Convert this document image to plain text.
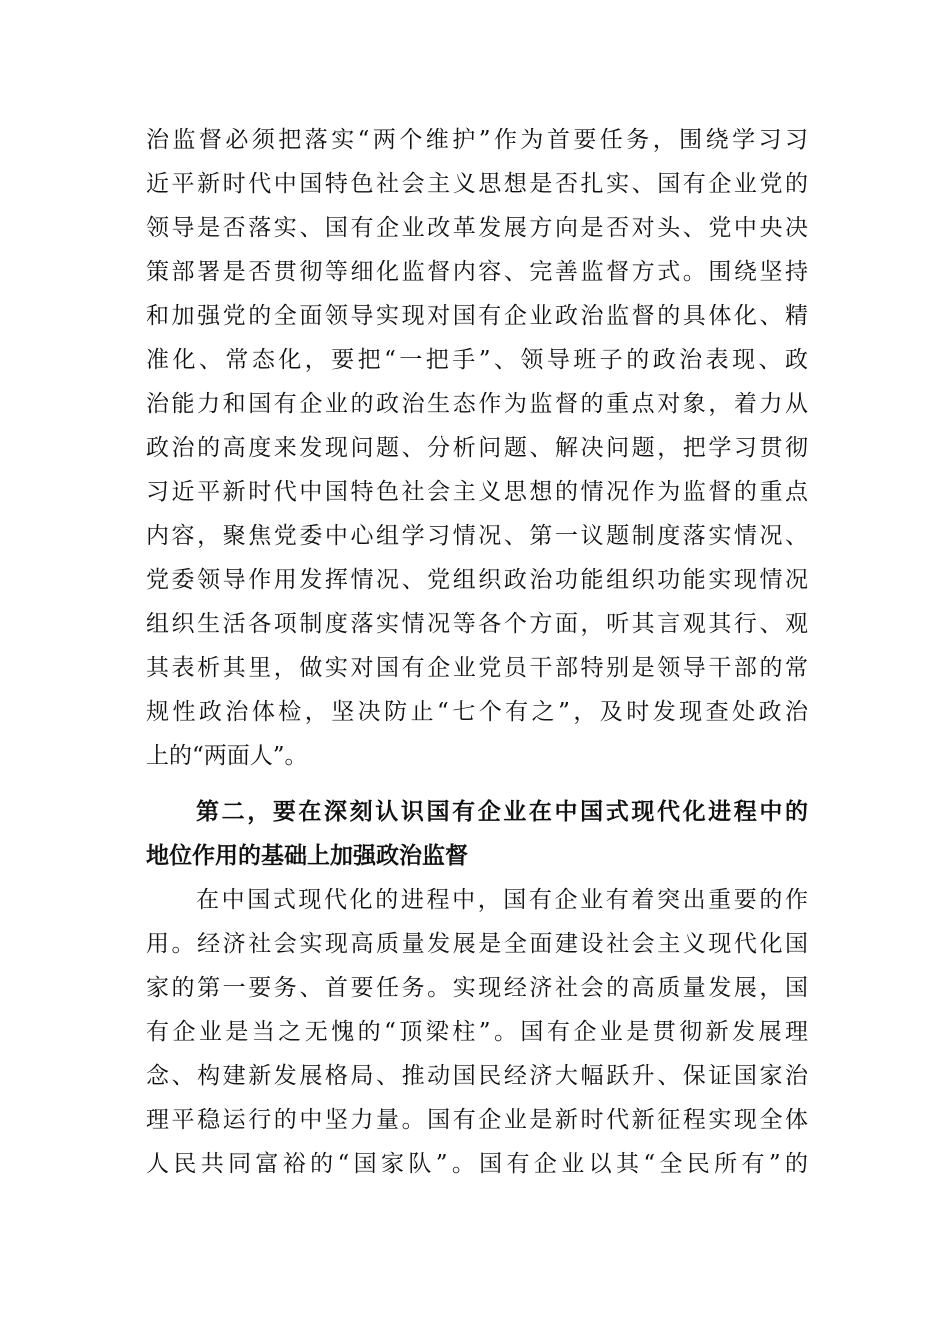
治监督必须把落实“两个维护”作为首要任务，围绕学习习
近平新时代中国特色社会主义思想是否扎实、国有企业党的
领导是否落实、国有企业改革发展方向是否对头、党中央决
策部署是否贯彻等细化监督内容、完善监督方式。围绕坚持
和加强党的全面领导实现对国有企业政治监督的具体化、精
准化、常态化，要把“一把手”、领导班子的政治表现、政
治能力和国有企业的政治生态作为监督的重点对象，着力从
政治的高度来发现问题、分析问题、解决问题，把学习贯彻
习近平新时代中国特色社会主义思想的情况作为监督的重点
内容，聚焦党委中心组学习情况、第一议题制度落实情况、
党委领导作用发挥情况、党组织政治功能组织功能实现情况
组织生活各项制度落实情况等各个方面，听其言观其行、观
其表析其里，做实对国有企业党员干部特别是领导干部的常
规性政治体检，坚决防止“七个有之”，及时发现查处政治
上的“两面人”。
第二，要在深刻认识国有企业在中国式现代化进程中的
地位作用的基础上加强政治监督
在中国式现代化的进程中，国有企业有着突出重要的作
用。经济社会实现高质量发展是全面建设社会主义现代化国
家的第一要务、首要任务。实现经济社会的高质量发展，国
有企业是当之无愧的“顶梁柱”。国有企业是贯彻新发展理
念、构建新发展格局、推动国民经济大幅跃升、保证国家治
理平稳运行的中坚力量。国有企业是新时代新征程实现全体
人民共同富裕的“国家队”。国有企业以其“全民所有”的
